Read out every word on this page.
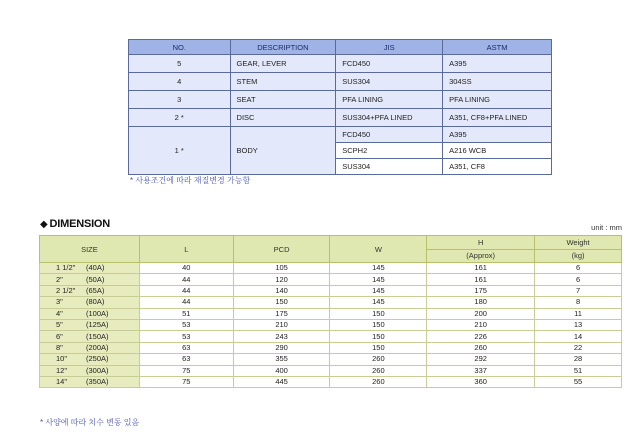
NO.	DESCRIPTION	JIS	ASTM
5	GEAR, LEVER	FCD450	A395
4	STEM	SUS304	304SS
3	SEAT	PFA LINING	PFA LINING
2 *	DISC	SUS304+PFA LINED	A351, CF8+PFA LINED
1 *	BODY	FCD450	A395
		SCPH2	A216 WCB
		SUS304	A351, CF8
* 사용조건에 따라 재질변경 가능함
◆ DIMENSION	unit : mm
SIZE	L	PCD	W	H	Weight
				(Approx)	(kg)
1 1/2" (40A)	40	105	145	161	6
2" (50A)	44	120	145	161	6
2 1/2" (65A)	44	140	145	175	7
3" (80A)	44	150	145	180	8
4" (100A)	51	175	150	200	11
5" (125A)	53	210	150	210	13
6" (150A)	53	243	150	226	14
8" (200A)	63	290	150	260	22
10" (250A)	63	355	260	292	28
12" (300A)	75	400	260	337	51
14" (350A)	75	445	260	360	55
* 사양에 따라 치수 변동 있음
